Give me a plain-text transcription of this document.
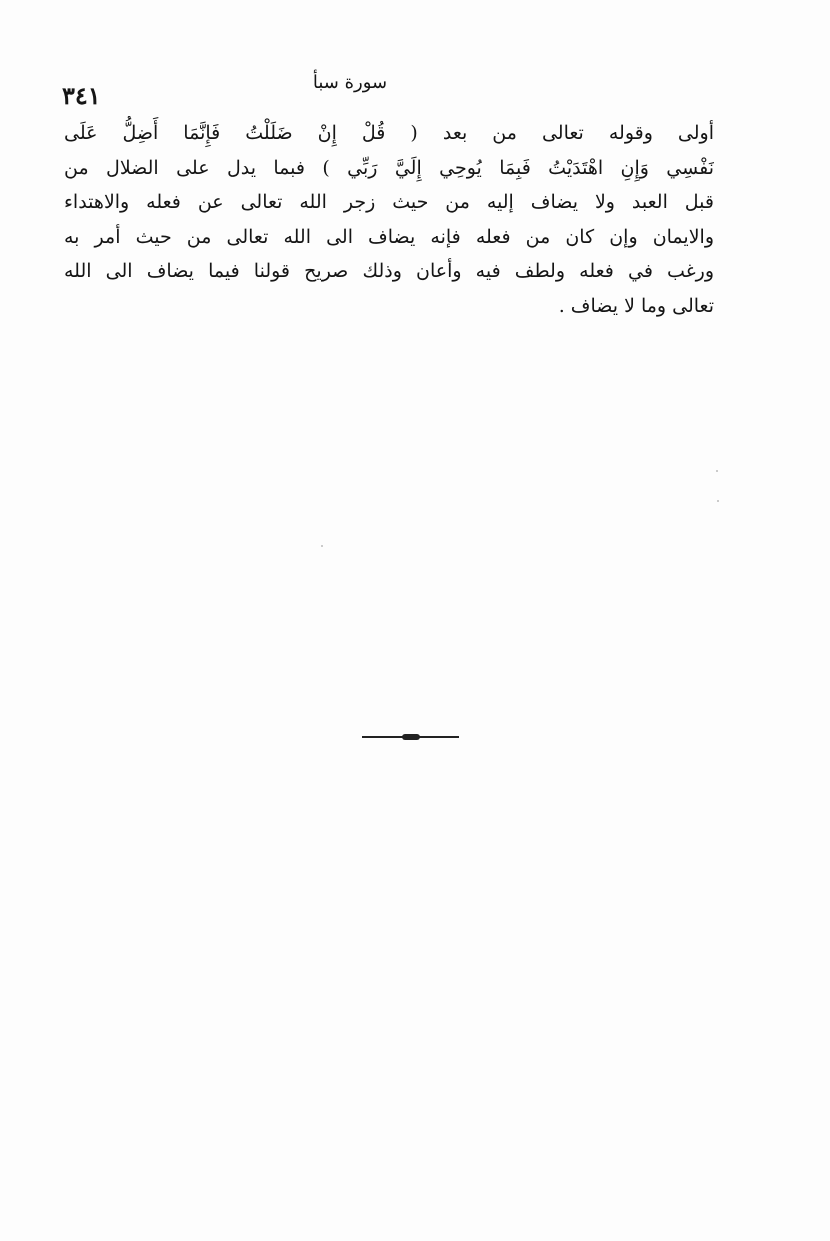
٣٤١	سورة سبأ
أولى وقوله تعالى من بعد ( قُلْ إِنْ ضَلَلْتُ فَإِنَّمَا أَضِلُّ عَلَى
نَفْسِي وَإِنِ اهْتَدَيْتُ فَبِمَا يُوحِي إِلَيَّ رَبِّي ) فبما يدل على الضلال من
قبل العبد ولا يضاف إليه من حيث زجر الله تعالى عن فعله والاهتداء
والايمان وإن كان من فعله فإنه يضاف الى الله تعالى من حيث أمر به
ورغب في فعله ولطف فيه وأعان وذلك صريح قولنا فيما يضاف الى الله
تعالى وما لا يضاف .
